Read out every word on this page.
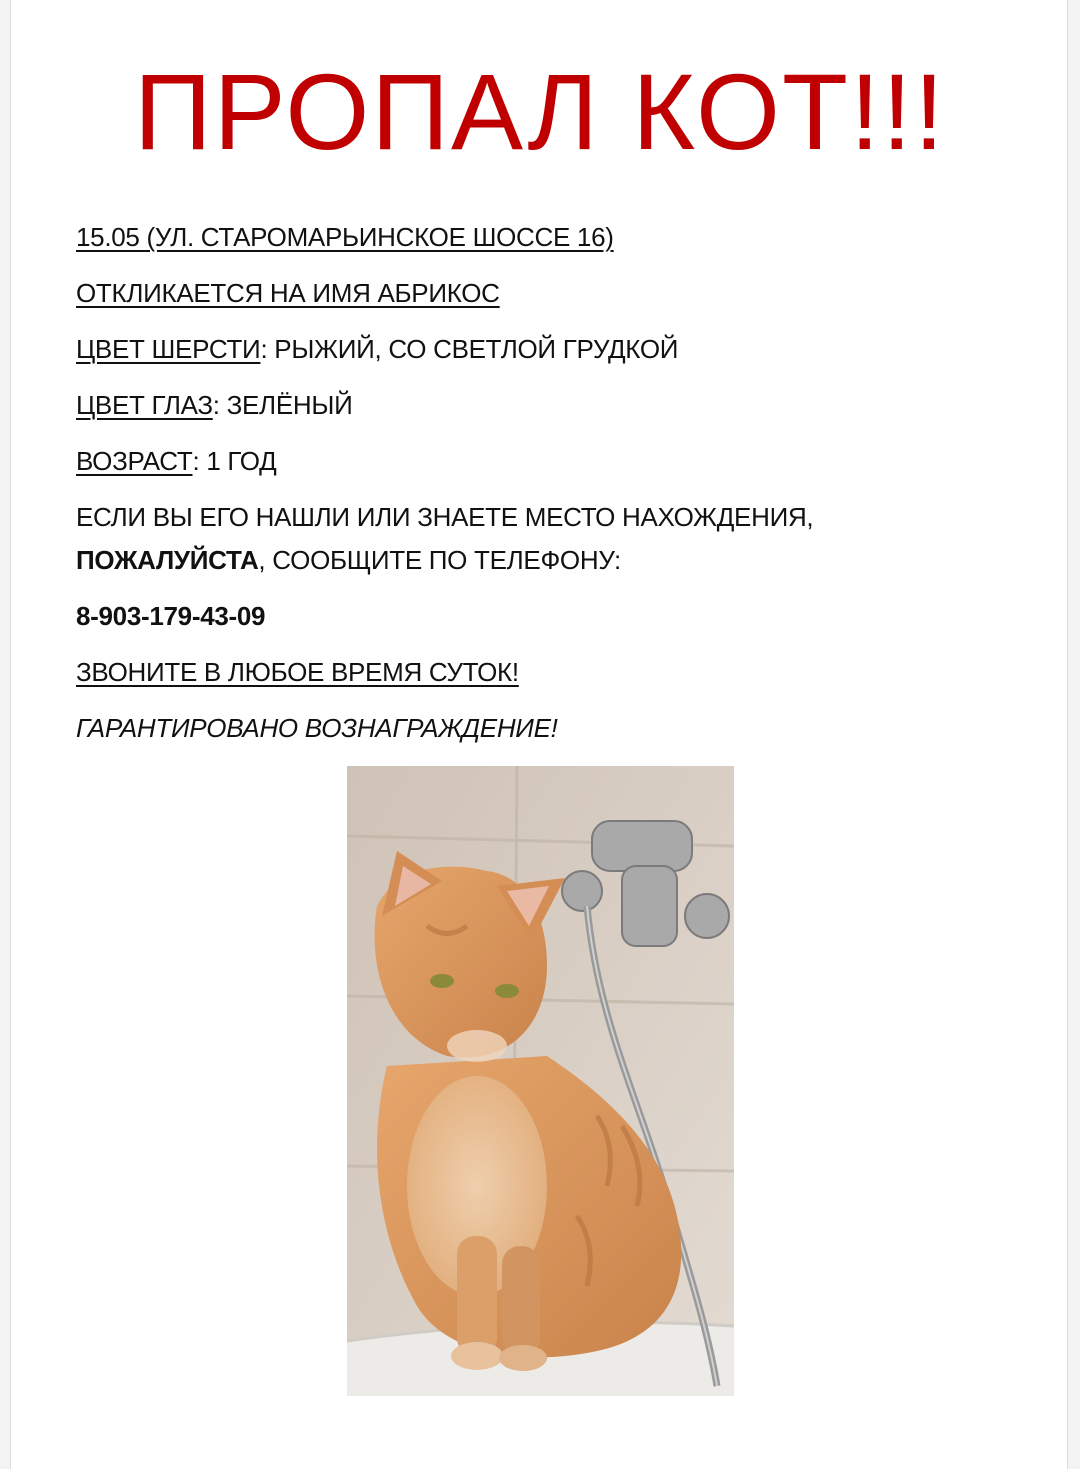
ПРОПАЛ КОТ!!!
15.05 (УЛ. СТАРОМАРЬИНСКОЕ ШОССЕ 16)
ОТКЛИКАЕТСЯ НА ИМЯ АБРИКОС
ЦВЕТ ШЕРСТИ: РЫЖИЙ, СО СВЕТЛОЙ ГРУДКОЙ
ЦВЕТ ГЛАЗ: ЗЕЛЁНЫЙ
ВОЗРАСТ: 1 ГОД
ЕСЛИ ВЫ ЕГО НАШЛИ ИЛИ ЗНАЕТЕ МЕСТО НАХОЖДЕНИЯ,
ПОЖАЛУЙСТА, СООБЩИТЕ ПО ТЕЛЕФОНУ:
8-903-179-43-09
ЗВОНИТЕ В ЛЮБОЕ ВРЕМЯ СУТОК!
ГАРАНТИРОВАНО ВОЗНАГРАЖДЕНИЕ!
